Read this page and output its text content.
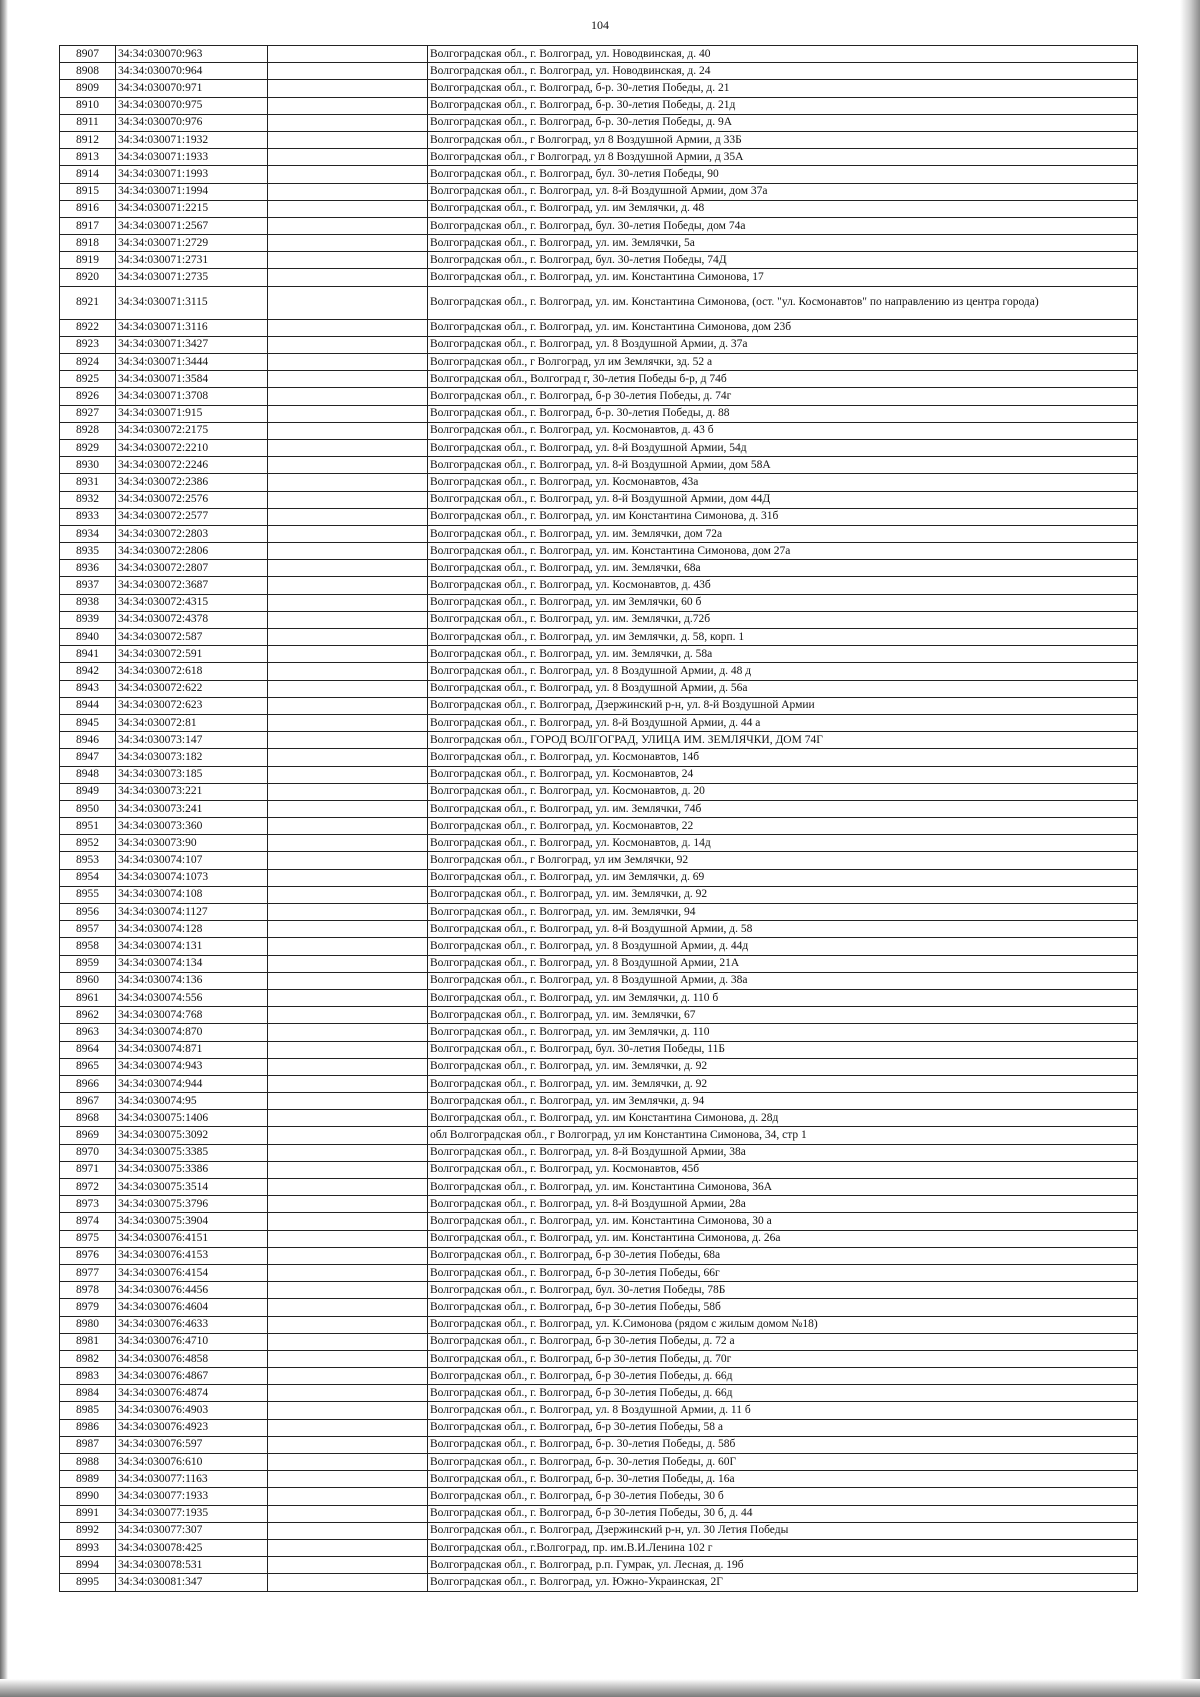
104
8907	34:34:030070:963		Волгоградская обл., г. Волгоград, ул. Новодвинская, д. 40
8908	34:34:030070:964		Волгоградская обл., г. Волгоград, ул. Новодвинская, д. 24
8909	34:34:030070:971		Волгоградская обл., г. Волгоград, б-р. 30-летия Победы, д. 21
8910	34:34:030070:975		Волгоградская обл., г. Волгоград, б-р. 30-летия Победы, д. 21д
8911	34:34:030070:976		Волгоградская обл., г. Волгоград, б-р. 30-летия Победы, д. 9А
8912	34:34:030071:1932		Волгоградская обл., г Волгоград, ул 8 Воздушной Армии, д 33Б
8913	34:34:030071:1933		Волгоградская обл., г Волгоград, ул 8 Воздушной Армии, д 35А
8914	34:34:030071:1993		Волгоградская обл., г. Волгоград, бул. 30-летия Победы, 90
8915	34:34:030071:1994		Волгоградская обл., г. Волгоград, ул. 8-й Воздушной Армии, дом 37а
8916	34:34:030071:2215		Волгоградская обл., г. Волгоград, ул. им Землячки, д. 48
8917	34:34:030071:2567		Волгоградская обл., г. Волгоград, бул. 30-летия Победы, дом 74а
8918	34:34:030071:2729		Волгоградская обл., г. Волгоград, ул. им. Землячки, 5а
8919	34:34:030071:2731		Волгоградская обл., г. Волгоград, бул. 30-летия Победы, 74Д
8920	34:34:030071:2735		Волгоградская обл., г. Волгоград, ул. им. Константина Симонова, 17
8921	34:34:030071:3115		Волгоградская обл., г. Волгоград, ул. им. Константина Симонова, (ост. "ул. Космонавтов" по направлению из центра города)
8922	34:34:030071:3116		Волгоградская обл., г. Волгоград, ул. им. Константина Симонова, дом 23б
8923	34:34:030071:3427		Волгоградская обл., г. Волгоград, ул. 8 Воздушной Армии, д. 37а
8924	34:34:030071:3444		Волгоградская обл., г Волгоград, ул им Землячки, зд. 52 а
8925	34:34:030071:3584		Волгоградская обл., Волгоград г, 30-летия Победы б-р, д 74б
8926	34:34:030071:3708		Волгоградская обл., г. Волгоград, б-р 30-летия Победы, д. 74г
8927	34:34:030071:915		Волгоградская обл., г. Волгоград, б-р. 30-летия Победы, д. 88
8928	34:34:030072:2175		Волгоградская обл., г. Волгоград, ул. Космонавтов, д. 43 б
8929	34:34:030072:2210		Волгоградская обл., г. Волгоград, ул. 8-й Воздушной Армии, 54д
8930	34:34:030072:2246		Волгоградская обл., г. Волгоград, ул. 8-й Воздушной Армии, дом 58А
8931	34:34:030072:2386		Волгоградская обл., г. Волгоград, ул. Космонавтов, 43а
8932	34:34:030072:2576		Волгоградская обл., г. Волгоград, ул. 8-й Воздушной Армии, дом 44Д
8933	34:34:030072:2577		Волгоградская обл., г. Волгоград, ул. им Константина Симонова, д. 31б
8934	34:34:030072:2803		Волгоградская обл., г. Волгоград, ул. им. Землячки, дом 72а
8935	34:34:030072:2806		Волгоградская обл., г. Волгоград, ул. им. Константина Симонова, дом 27а
8936	34:34:030072:2807		Волгоградская обл., г. Волгоград, ул. им. Землячки, 68а
8937	34:34:030072:3687		Волгоградская обл., г. Волгоград, ул. Космонавтов, д. 43б
8938	34:34:030072:4315		Волгоградская обл., г. Волгоград, ул. им Землячки, 60 б
8939	34:34:030072:4378		Волгоградская обл., г. Волгоград, ул. им. Землячки, д.72б
8940	34:34:030072:587		Волгоградская обл., г. Волгоград, ул. им Землячки, д. 58, корп. 1
8941	34:34:030072:591		Волгоградская обл., г. Волгоград, ул. им. Землячки, д. 58а
8942	34:34:030072:618		Волгоградская обл., г. Волгоград, ул. 8 Воздушной Армии, д. 48 д
8943	34:34:030072:622		Волгоградская обл., г. Волгоград, ул. 8 Воздушной Армии, д. 56а
8944	34:34:030072:623		Волгоградская обл., г. Волгоград, Дзержинский р-н, ул. 8-й Воздушной Армии
8945	34:34:030072:81		Волгоградская обл., г. Волгоград, ул. 8-й Воздушной Армии, д. 44 а
8946	34:34:030073:147		Волгоградская обл., ГОРОД ВОЛГОГРАД, УЛИЦА ИМ. ЗЕМЛЯЧКИ, ДОМ 74Г
8947	34:34:030073:182		Волгоградская обл., г. Волгоград, ул. Космонавтов, 14б
8948	34:34:030073:185		Волгоградская обл., г. Волгоград, ул. Космонавтов, 24
8949	34:34:030073:221		Волгоградская обл., г. Волгоград, ул. Космонавтов, д. 20
8950	34:34:030073:241		Волгоградская обл., г. Волгоград, ул. им. Землячки, 74б
8951	34:34:030073:360		Волгоградская обл., г. Волгоград, ул. Космонавтов, 22
8952	34:34:030073:90		Волгоградская обл., г. Волгоград, ул. Космонавтов, д. 14д
8953	34:34:030074:107		Волгоградская обл., г Волгоград, ул им Землячки, 92
8954	34:34:030074:1073		Волгоградская обл., г. Волгоград, ул. им Землячки, д. 69
8955	34:34:030074:108		Волгоградская обл., г. Волгоград, ул. им. Землячки, д. 92
8956	34:34:030074:1127		Волгоградская обл., г. Волгоград, ул. им. Землячки, 94
8957	34:34:030074:128		Волгоградская обл., г. Волгоград, ул. 8-й Воздушной Армии, д. 58
8958	34:34:030074:131		Волгоградская обл., г. Волгоград, ул. 8 Воздушной Армии, д. 44д
8959	34:34:030074:134		Волгоградская обл., г. Волгоград, ул. 8 Воздушной Армии, 21А
8960	34:34:030074:136		Волгоградская обл., г. Волгоград, ул. 8 Воздушной Армии, д. 38а
8961	34:34:030074:556		Волгоградская обл., г. Волгоград, ул. им Землячки, д. 110 б
8962	34:34:030074:768		Волгоградская обл., г. Волгоград, ул. им. Землячки, 67
8963	34:34:030074:870		Волгоградская обл., г. Волгоград, ул. им Землячки, д. 110
8964	34:34:030074:871		Волгоградская обл., г. Волгоград, бул. 30-летия Победы, 11Б
8965	34:34:030074:943		Волгоградская обл., г. Волгоград, ул. им. Землячки, д. 92
8966	34:34:030074:944		Волгоградская обл., г. Волгоград, ул. им. Землячки, д. 92
8967	34:34:030074:95		Волгоградская обл., г. Волгоград, ул. им Землячки, д. 94
8968	34:34:030075:1406		Волгоградская обл., г. Волгоград, ул. им Константина Симонова, д. 28д
8969	34:34:030075:3092		обл Волгоградская обл., г Волгоград, ул им Константина Симонова, 34, стр 1
8970	34:34:030075:3385		Волгоградская обл., г. Волгоград, ул. 8-й Воздушной Армии, 38а
8971	34:34:030075:3386		Волгоградская обл., г. Волгоград, ул. Космонавтов, 45б
8972	34:34:030075:3514		Волгоградская обл., г. Волгоград, ул. им. Константина Симонова, 36А
8973	34:34:030075:3796		Волгоградская обл., г. Волгоград, ул. 8-й Воздушной Армии, 28а
8974	34:34:030075:3904		Волгоградская обл., г. Волгоград, ул. им. Константина Симонова, 30 а
8975	34:34:030076:4151		Волгоградская обл., г. Волгоград, ул. им. Константина Симонова, д. 26а
8976	34:34:030076:4153		Волгоградская обл., г. Волгоград, б-р 30-летия Победы, 68а
8977	34:34:030076:4154		Волгоградская обл., г. Волгоград, б-р 30-летия Победы, 66г
8978	34:34:030076:4456		Волгоградская обл., г. Волгоград, бул. 30-летия Победы, 78Б
8979	34:34:030076:4604		Волгоградская обл., г. Волгоград, б-р 30-летия Победы, 58б
8980	34:34:030076:4633		Волгоградская обл., г. Волгоград, ул. К.Симонова (рядом с жилым домом №18)
8981	34:34:030076:4710		Волгоградская обл., г. Волгоград, б-р 30-летия Победы, д. 72 а
8982	34:34:030076:4858		Волгоградская обл., г. Волгоград, б-р 30-летия Победы, д. 70г
8983	34:34:030076:4867		Волгоградская обл., г. Волгоград, б-р 30-летия Победы, д. 66д
8984	34:34:030076:4874		Волгоградская обл., г. Волгоград, б-р 30-летия Победы, д. 66д
8985	34:34:030076:4903		Волгоградская обл., г. Волгоград, ул. 8 Воздушной Армии, д. 11 б
8986	34:34:030076:4923		Волгоградская обл., г. Волгоград, б-р 30-летия Победы, 58 а
8987	34:34:030076:597		Волгоградская обл., г. Волгоград, б-р. 30-летия Победы, д. 58б
8988	34:34:030076:610		Волгоградская обл., г. Волгоград, б-р. 30-летия Победы, д. 60Г
8989	34:34:030077:1163		Волгоградская обл., г. Волгоград, б-р. 30-летия Победы, д. 16а
8990	34:34:030077:1933		Волгоградская обл., г. Волгоград, б-р 30-летия Победы, 30 б
8991	34:34:030077:1935		Волгоградская обл., г. Волгоград, б-р 30-летия Победы, 30 б, д. 44
8992	34:34:030077:307		Волгоградская обл., г. Волгоград, Дзержинский р-н, ул. 30 Летия Победы
8993	34:34:030078:425		Волгоградская обл., г.Волгоград, пр. им.В.И.Ленина 102 г
8994	34:34:030078:531		Волгоградская обл., г. Волгоград, р.п. Гумрак, ул. Лесная, д. 19б
8995	34:34:030081:347		Волгоградская обл., г. Волгоград, ул. Южно-Украинская, 2Г
